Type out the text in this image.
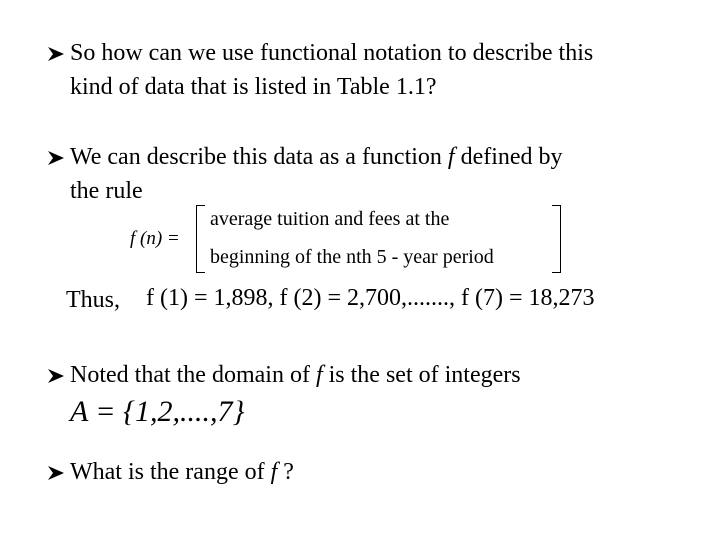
So how can we use functional notation to describe this
kind of data that is listed in Table 1.1?
We can describe this data as a function f defined by
the rule
f (n) =
average tuition and fees at the
beginning of the nth 5 - year period
Thus, f (1) = 1,898, f (2) = 2,700,......., f (7) = 18,273
Noted that the domain of f is the set of integers
A = {1,2,....,7}
What is the range of f ?
